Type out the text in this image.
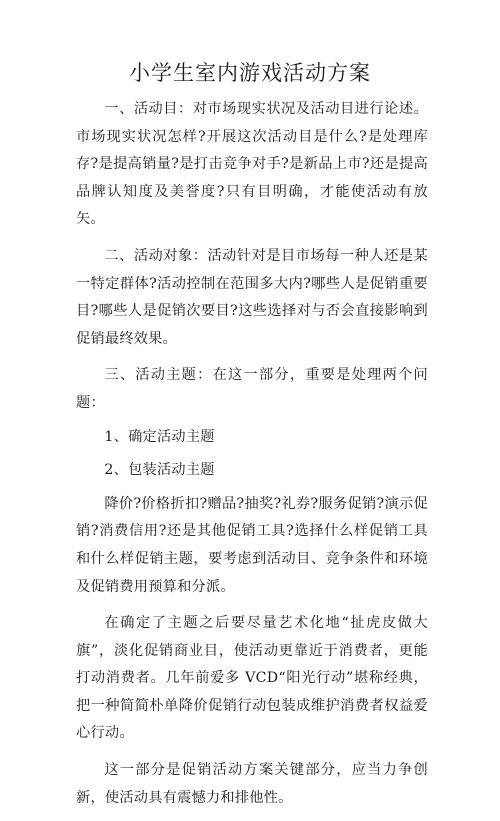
小学生室内游戏活动方案

一、活动目：对市场现实状况及活动目进行论述。市场现实状况怎样?开展这次活动目是什么?是处理库存?是提高销量?是打击竞争对手?是新品上市?还是提高品牌认知度及美誉度?只有目明确，才能使活动有放矢。

二、活动对象：活动针对是目市场每一种人还是某一特定群体?活动控制在范围多大内?哪些人是促销重要目?哪些人是促销次要目?这些选择对与否会直接影响到促销最终效果。

三、活动主题：在这一部分，重要是处理两个问题：

1、确定活动主题

2、包装活动主题

降价?价格折扣?赠品?抽奖?礼券?服务促销?演示促销?消费信用?还是其他促销工具?选择什么样促销工具和什么样促销主题，要考虑到活动目、竞争条件和环境及促销费用预算和分派。

在确定了主题之后要尽量艺术化地“扯虎皮做大旗”，淡化促销商业目，使活动更靠近于消费者，更能打动消费者。几年前爱多 VCD“阳光行动”堪称经典，把一种简简朴单降价促销行动包装成维护消费者权益爱心行动。

这一部分是促销活动方案关键部分，应当力争创新，使活动具有震憾力和排他性。
